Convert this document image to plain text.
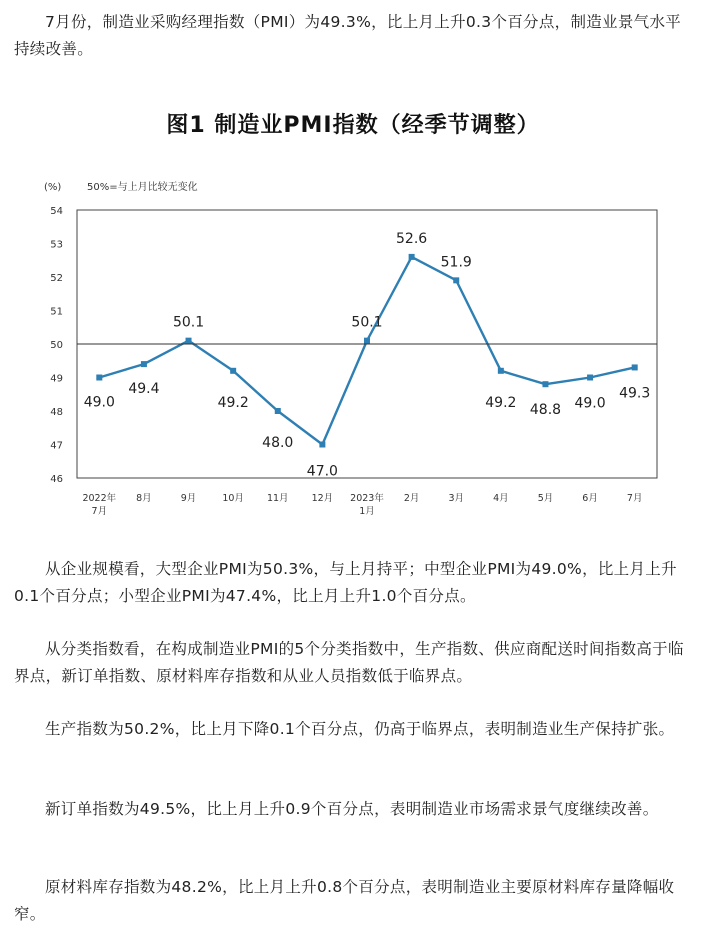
7月份，制造业采购经理指数（PMI）为49.3%，比上月上升0.3个百分点，制造业景气水平持续改善。

图1 制造业PMI指数（经季节调整）
46
47
48
49
50
51
52
53
54
2022年
7月
8月	9月	10月 11月 12月 2023年
1月
2月	3月	4月	5月	6月	7月
49.0
49.4
50.1
49.2
48.0
47.0
50.1
52.6
51.9
49.2 48.8 49.0
49.3
(%)	50%=与上月比较无变化

从企业规模看，大型企业PMI为50.3%，与上月持平；中型企业PMI为49.0%，比上月上升0.1个百分点；小型企业PMI为47.4%，比上月上升1.0个百分点。

从分类指数看，在构成制造业PMI的5个分类指数中，生产指数、供应商配送时间指数高于临界点，新订单指数、原材料库存指数和从业人员指数低于临界点。

生产指数为50.2%，比上月下降0.1个百分点，仍高于临界点，表明制造业生产保持扩张。

新订单指数为49.5%，比上月上升0.9个百分点，表明制造业市场需求景气度继续改善。

原材料库存指数为48.2%，比上月上升0.8个百分点，表明制造业主要原材料库存量降幅收窄。
